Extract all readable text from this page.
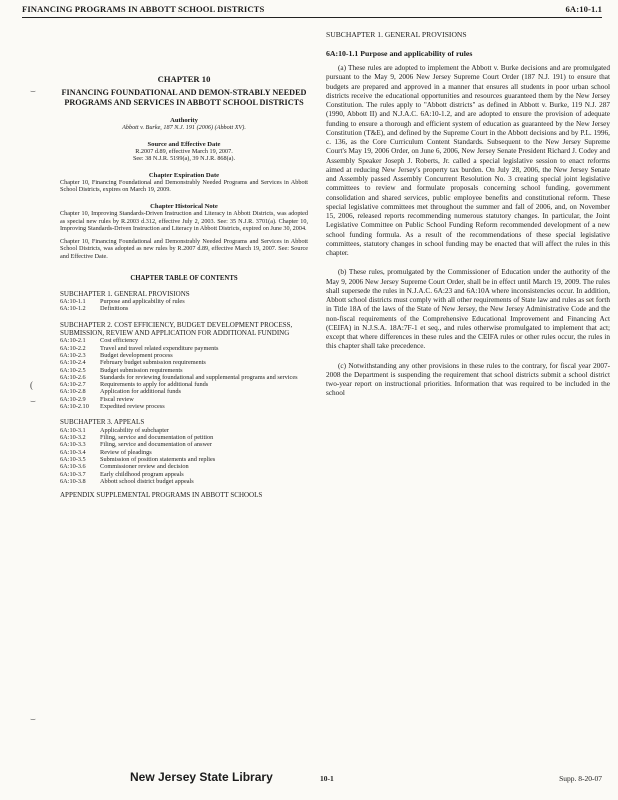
FINANCING PROGRAMS IN ABBOTT SCHOOL DISTRICTS	6A:10-1.1
⌣
(
⌣
⌣
CHAPTER 10
FINANCING FOUNDATIONAL AND DEMON-STRABLY NEEDED PROGRAMS AND SERVICES IN ABBOTT SCHOOL DISTRICTS
Authority
Abbott v. Burke, 187 N.J. 191 (2006) (Abbott XV).
Source and Effective Date
R.2007 d.89, effective March 19, 2007.
See: 38 N.J.R. 5199(a), 39 N.J.R. 868(a).
Chapter Expiration Date
Chapter 10, Financing Foundational and Demonstrably Needed Programs and Services in Abbott School Districts, expires on March 19, 2009.
Chapter Historical Note
Chapter 10, Improving Standards-Driven Instruction and Literacy in Abbott Districts, was adopted as special new rules by R.2003 d.312, effective July 2, 2003. See: 35 N.J.R. 3701(a). Chapter 10, Improving Standards-Driven Instruction and Literacy in Abbott Districts, expired on June 30, 2004.
Chapter 10, Financing Foundational and Demonstrably Needed Programs and Services in Abbott School Districts, was adopted as new rules by R.2007 d.89, effective March 19, 2007. See: Source and Effective Date.
CHAPTER TABLE OF CONTENTS
SUBCHAPTER 1. GENERAL PROVISIONS
6A:10-1.1	Purpose and applicability of rules
6A:10-1.2	Definitions
SUBCHAPTER 2. COST EFFICIENCY, BUDGET DEVELOPMENT PROCESS, SUBMISSION, REVIEW AND APPLICATION FOR ADDITIONAL FUNDING
6A:10-2.1	Cost efficiency
6A:10-2.2	Travel and travel related expenditure payments
6A:10-2.3	Budget development process
6A:10-2.4	February budget submission requirements
6A:10-2.5	Budget submission requirements
6A:10-2.6	Standards for reviewing foundational and supplemental programs and services
6A:10-2.7	Requirements to apply for additional funds
6A:10-2.8	Application for additional funds
6A:10-2.9	Fiscal review
6A:10-2.10	Expedited review process
SUBCHAPTER 3. APPEALS
6A:10-3.1	Applicability of subchapter
6A:10-3.2	Filing, service and documentation of petition
6A:10-3.3	Filing, service and documentation of answer
6A:10-3.4	Review of pleadings
6A:10-3.5	Submission of position statements and replies
6A:10-3.6	Commissioner review and decision
6A:10-3.7	Early childhood program appeals
6A:10-3.8	Abbott school district budget appeals
APPENDIX SUPPLEMENTAL PROGRAMS IN ABBOTT SCHOOLS
SUBCHAPTER 1. GENERAL PROVISIONS
6A:10-1.1 Purpose and applicability of rules
(a) These rules are adopted to implement the Abbott v. Burke decisions and are promulgated pursuant to the May 9, 2006 New Jersey Supreme Court Order (187 N.J. 191) to ensure that budgets are prepared and approved in a manner that ensures all students in poor urban school districts receive the educational opportunities and resources guaranteed them by the New Jersey Constitution. The rules apply to "Abbott districts" as defined in Abbott v. Burke, 119 N.J. 287 (1990, Abbott II) and N.J.A.C. 6A:10-1.2, and are adopted to ensure the provision of adequate funding to ensure a thorough and efficient system of education as guaranteed by the New Jersey Constitution (T&E), and defined by the Supreme Court in the Abbott decisions and by P.L. 1996, c. 136, as the Core Curriculum Content Standards. Subsequent to the New Jersey Supreme Court's May 19, 2006 Order, on June 6, 2006, New Jersey Senate President Richard J. Codey and Assembly Speaker Joseph J. Roberts, Jr. called a special legislative session to enact reforms aimed at reducing New Jersey's property tax burden. On July 28, 2006, the New Jersey Senate and Assembly passed Assembly Concurrent Resolution No. 3 creating special joint legislative committees to review and formulate proposals concerning school funding, government consolidation and shared services, public employee benefits and constitutional reform. These special legislative committees met throughout the summer and fall of 2006, and, on November 15, 2006, released reports recommending numerous statutory changes. In particular, the Joint Legislative Committee on Public School Funding Reform recommended development of a new school funding formula. As a result of the recommendations of these special legislative committees, statutory changes in school funding may be enacted that will affect the rules in this chapter.
(b) These rules, promulgated by the Commissioner of Education under the authority of the May 9, 2006 New Jersey Supreme Court Order, shall be in effect until March 19, 2009. The rules shall supersede the rules in N.J.A.C. 6A:23 and 6A:10A where inconsistencies occur. In addition, Abbott school districts must comply with all other requirements of State law and rules as set forth in Title 18A of the laws of the State of New Jersey, the New Jersey Administrative Code and the non-fiscal requirements of the Comprehensive Educational Improvement and Financing Act (CEIFA) in N.J.S.A. 18A:7F-1 et seq., and rules otherwise promulgated to implement that act; except that where differences in these rules and the CEIFA rules or other rules occur, the rules in this chapter shall take precedence.
(c) Notwithstanding any other provisions in these rules to the contrary, for fiscal year 2007-2008 the Department is suspending the requirement that school districts submit a school district two-year report on instructional priorities. Information that was required to be included in the school
New Jersey State Library	10-1	Supp. 8-20-07
